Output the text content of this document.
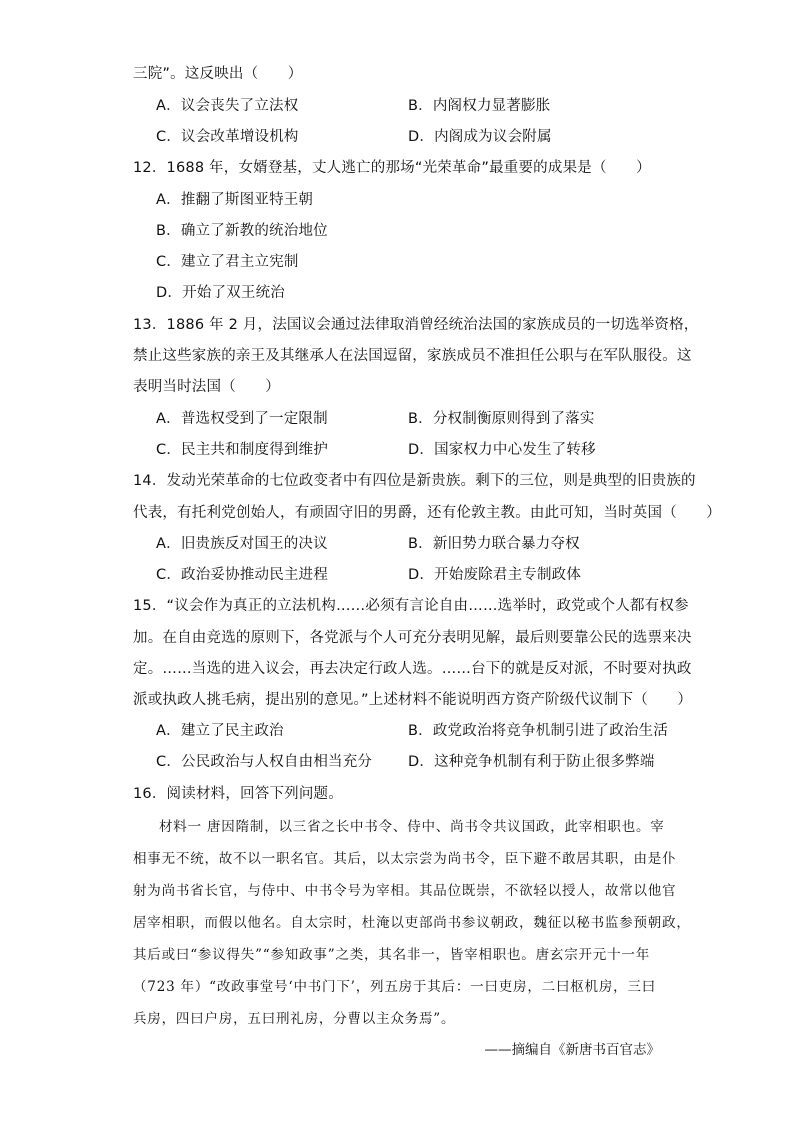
三院”。这反映出（　　）
A．议会丧失了立法权	B．内阁权力显著膨胀
C．议会改革增设机构	D．内阁成为议会附属
12．1688 年，女婿登基，丈人逃亡的那场“光荣革命”最重要的成果是（　　）
A．推翻了斯图亚特王朝
B．确立了新教的统治地位
C．建立了君主立宪制
D．开始了双王统治
13．1886 年 2 月，法国议会通过法律取消曾经统治法国的家族成员的一切选举资格，
禁止这些家族的亲王及其继承人在法国逗留，家族成员不准担任公职与在军队服役。这
表明当时法国（　　）
A．普选权受到了一定限制	B．分权制衡原则得到了落实
C．民主共和制度得到维护	D．国家权力中心发生了转移
14．发动光荣革命的七位政变者中有四位是新贵族。剩下的三位，则是典型的旧贵族的
代表，有托利党创始人，有顽固守旧的男爵，还有伦敦主教。由此可知，当时英国（　　）
A．旧贵族反对国王的决议	B．新旧势力联合暴力夺权
C．政治妥协推动民主进程	D．开始废除君主专制政体
15．“议会作为真正的立法机构……必须有言论自由……选举时，政党或个人都有权参
加。在自由竞选的原则下，各党派与个人可充分表明见解，最后则要靠公民的选票来决
定。……当选的进入议会，再去决定行政人选。……台下的就是反对派，不时要对执政
派或执政人挑毛病，提出别的意见。”上述材料不能说明西方资产阶级代议制下（　　）
A．建立了民主政治	B．政党政治将竞争机制引进了政治生活
C．公民政治与人权自由相当充分 D．这种竞争机制有利于防止很多弊端
16．阅读材料，回答下列问题。
材料一 唐因隋制，以三省之长中书令、侍中、尚书令共议国政，此宰相职也。宰
相事无不统，故不以一职名官。其后，以太宗尝为尚书令，臣下避不敢居其职，由是仆
射为尚书省长官，与侍中、中书令号为宰相。其品位既崇，不欲轻以授人，故常以他官
居宰相职，而假以他名。自太宗时，杜淹以吏部尚书参议朝政，魏征以秘书监参预朝政，
其后或曰“参议得失”“参知政事”之类，其名非一，皆宰相职也。唐玄宗开元十一年
（723 年）“改政事堂号‘中书门下’，列五房于其后：一曰吏房，二曰枢机房，三曰
兵房，四曰户房，五曰刑礼房，分曹以主众务焉”。
——摘编自《新唐书百官志》
